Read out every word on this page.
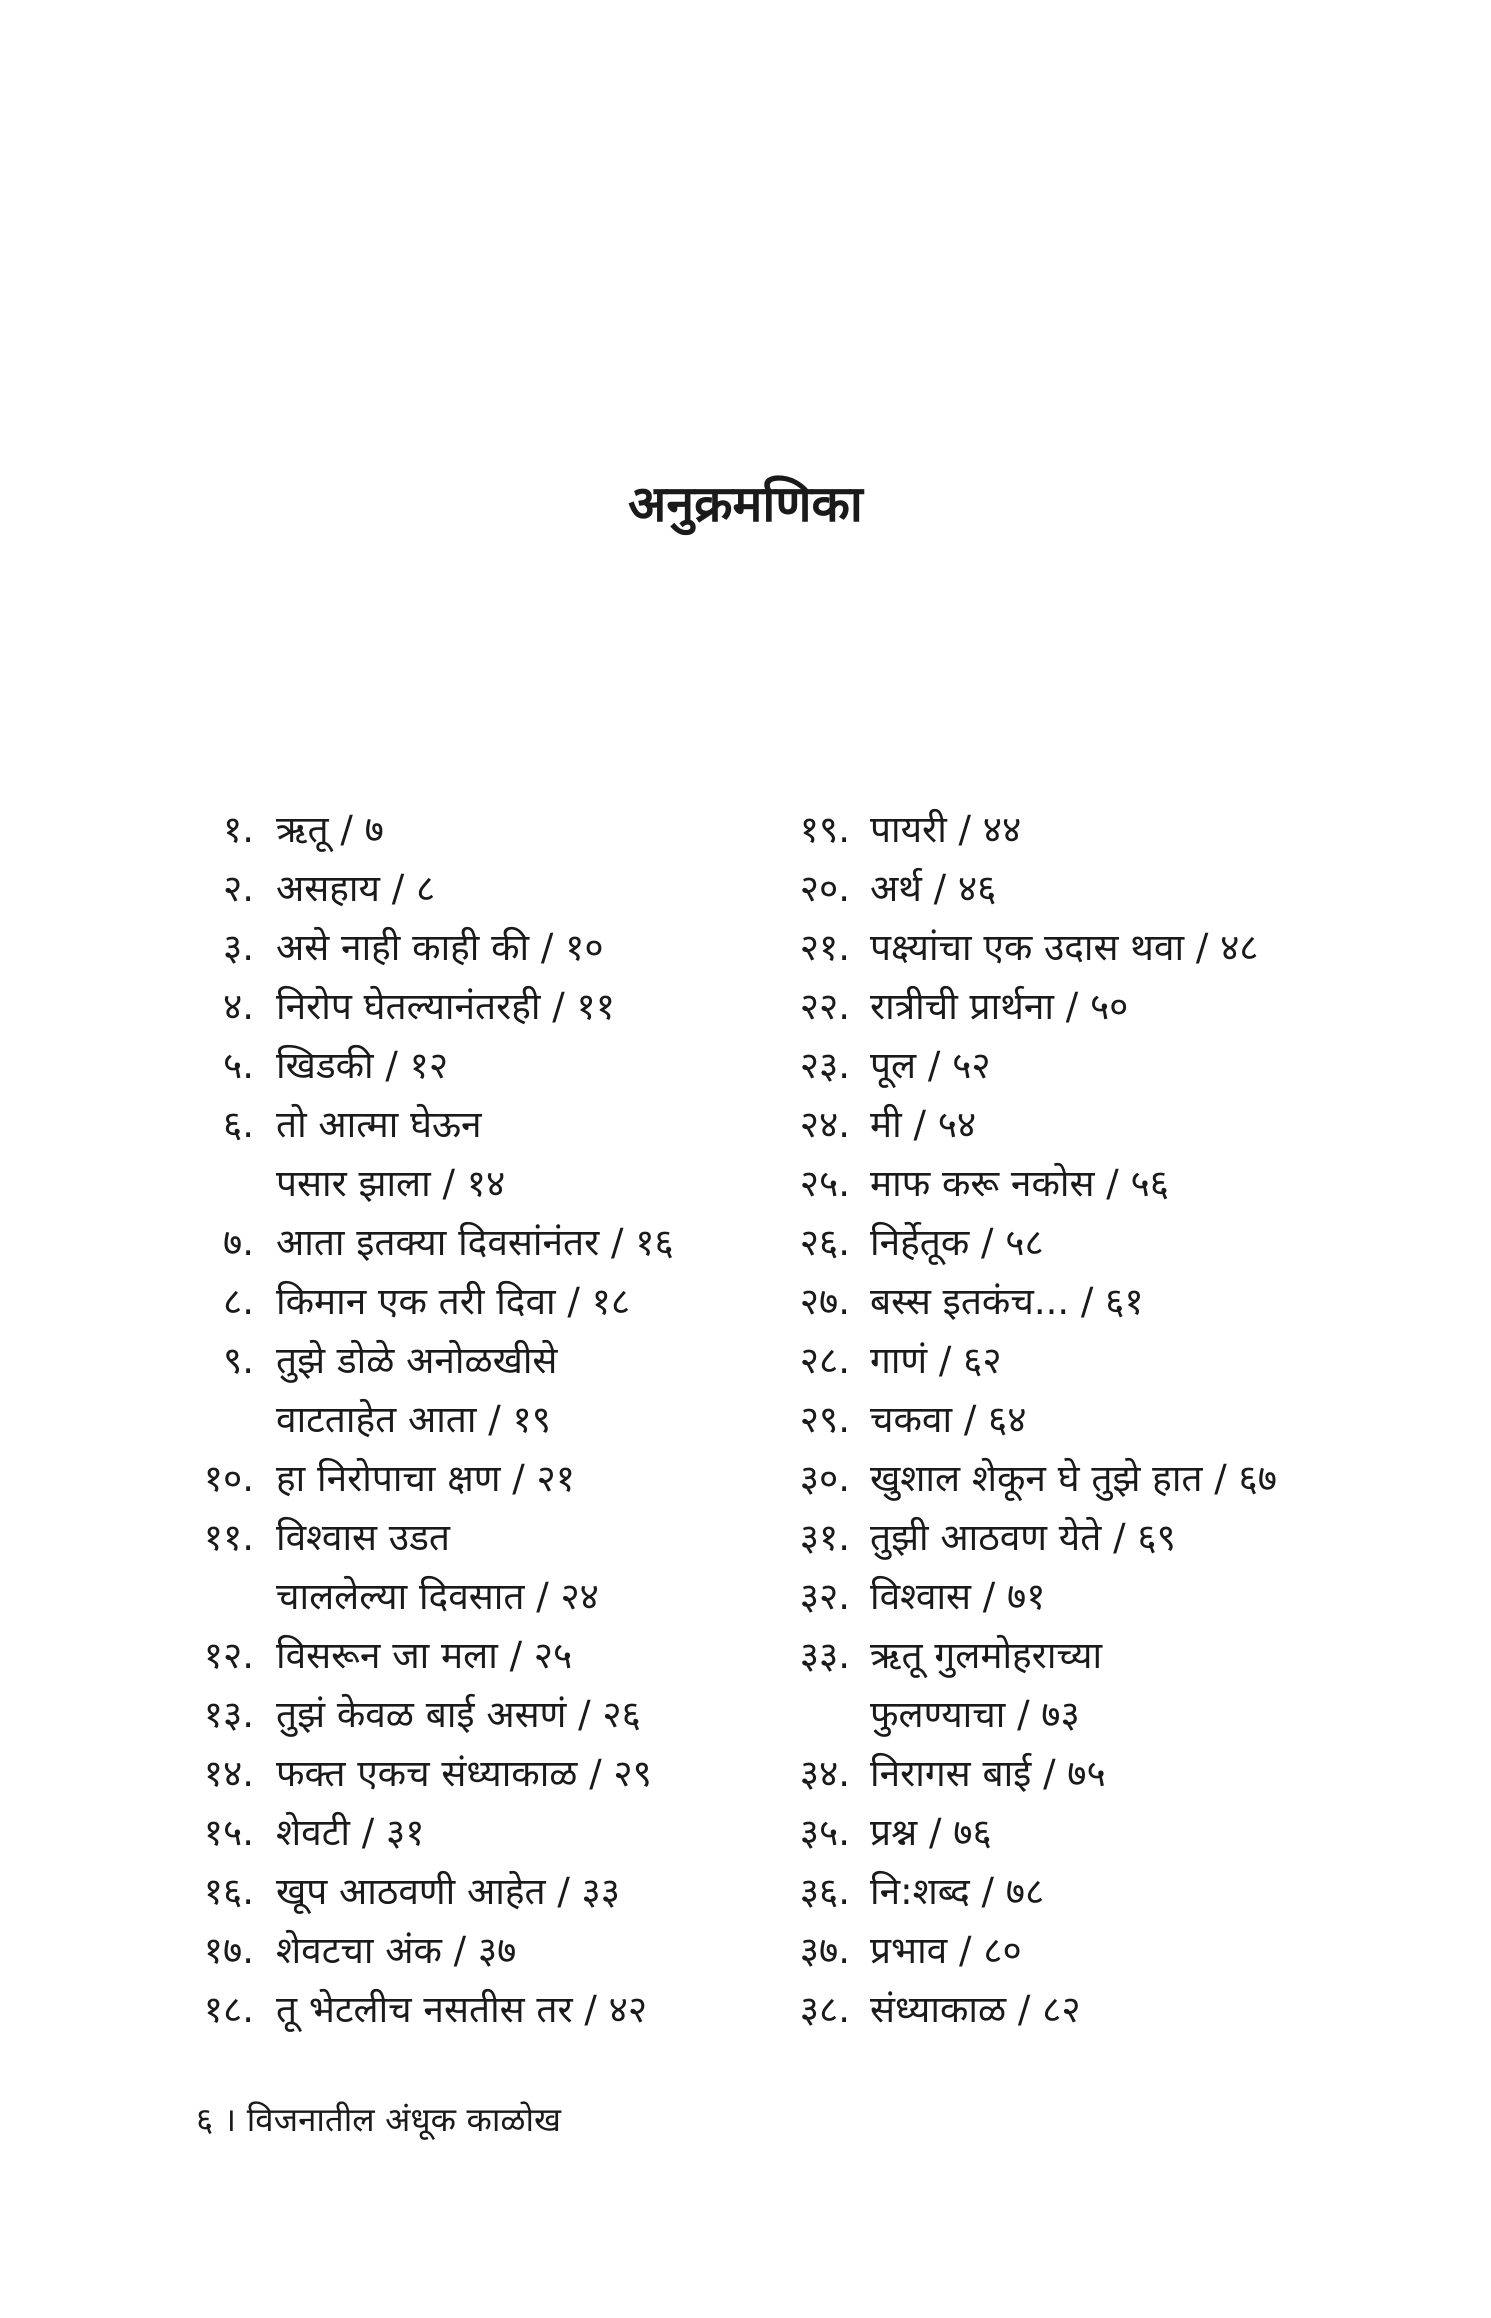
अनुक्रमणिका
१. ऋतू / ७
२. असहाय / ८
३. असे नाही काही की / १०
४. निरोप घेतल्यानंतरही / ११
५. खिडकी / १२
६. तो आत्मा घेऊन
पसार झाला / १४
७. आता इतक्या दिवसांनंतर / १६
८. किमान एक तरी दिवा / १८
९. तुझे डोळे अनोळखीसे
वाटताहेत आता / १९
१०. हा निरोपाचा क्षण / २१
११. विश्वास उडत
चाललेल्या दिवसात / २४
१२. विसरून जा मला / २५
१३. तुझं केवळ बाई असणं / २६
१४. फक्त एकच संध्याकाळ / २९
१५. शेवटी / ३१
१६. खूप आठवणी आहेत / ३३
१७. शेवटचा अंक / ३७
१८. तू भेटलीच नसतीस तर / ४२
१९. पायरी / ४४
२०. अर्थ / ४६
२१. पक्ष्यांचा एक उदास थवा / ४८
२२. रात्रीची प्रार्थना / ५०
२३. पूल / ५२
२४. मी / ५४
२५. माफ करू नकोस / ५६
२६. निर्हेतूक / ५८
२७. बस्स इतकंच... / ६१
२८. गाणं / ६२
२९. चकवा / ६४
३०. खुशाल शेकून घे तुझे हात / ६७
३१. तुझी आठवण येते / ६९
३२. विश्वास / ७१
३३. ऋतू गुलमोहराच्या
फुलण्याचा / ७३
३४. निरागस बाई / ७५
३५. प्रश्न / ७६
३६. नि:शब्द / ७८
३७. प्रभाव / ८०
३८. संध्याकाळ / ८२
६ । विजनातील अंधूक काळोख
